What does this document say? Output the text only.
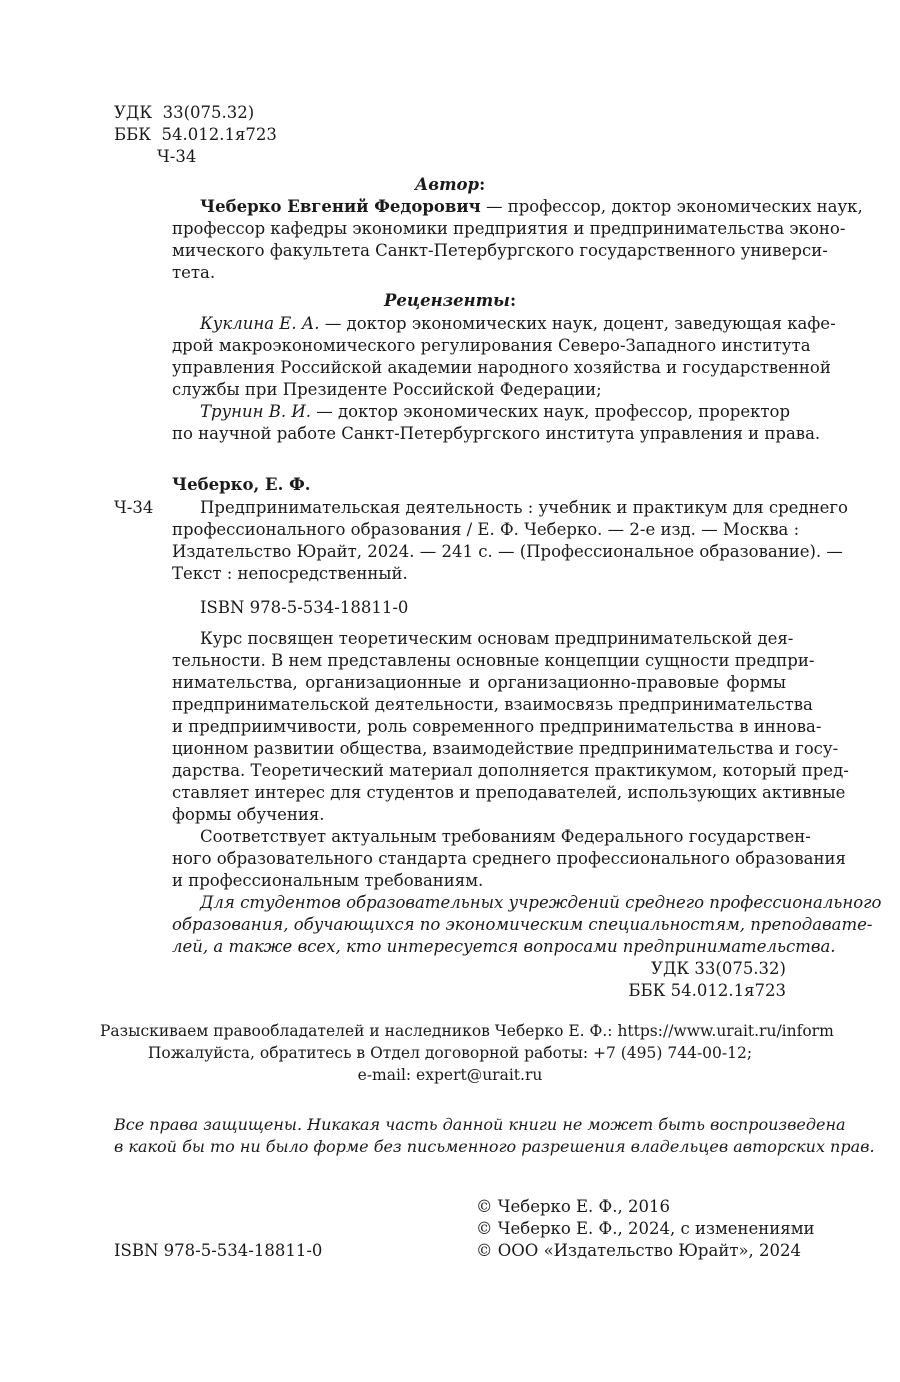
УДК 33(075.32)
ББК 54.012.1я723
Ч-34
Автор:
Чеберко Евгений Федорович — профессор, доктор экономических наук,
профессор кафедры экономики предприятия и предпринимательства эконо-
мического факультета Санкт-Петербургского государственного универси-
тета.
Рецензенты:
Куклина Е. А. — доктор экономических наук, доцент, заведующая кафе-
дрой макроэкономического регулирования Северо-Западного института
управления Российской академии народного хозяйства и государственной
службы при Президенте Российской Федерации;
Трунин В. И. — доктор экономических наук, профессор, проректор
по научной работе Санкт-Петербургского института управления и права.
Чеберко, Е. Ф.
Ч-34	Предпринимательская деятельность : учебник и практикум для среднего
профессионального образования / Е. Ф. Чеберко. — 2-е изд. — Москва :
Издательство Юрайт, 2024. — 241 с. — (Профессиональное образование). —
Текст : непосредственный.
ISBN 978-5-534-18811-0
Курс посвящен теоретическим основам предпринимательской дея-
тельности. В нем представлены основные концепции сущности предпри-
нимательства, организационные и организационно-правовые формы
предпринимательской деятельности, взаимосвязь предпринимательства
и предприимчивости, роль современного предпринимательства в иннова-
ционном развитии общества, взаимодействие предпринимательства и госу-
дарства. Теоретический материал дополняется практикумом, который пред-
ставляет интерес для студентов и преподавателей, использующих активные
формы обучения.
Соответствует актуальным требованиям Федерального государствен-
ного образовательного стандарта среднего профессионального образования
и профессиональным требованиям.
Для студентов образовательных учреждений среднего профессионального
образования, обучающихся по экономическим специальностям, преподавате-
лей, а также всех, кто интересуется вопросами предпринимательства.
УДК 33(075.32)
ББК 54.012.1я723
Разыскиваем правообладателей и наследников Чеберко Е. Ф.: https://www.urait.ru/inform
Пожалуйста, обратитесь в Отдел договорной работы: +7 (495) 744-00-12;
e-mail: expert@urait.ru
Все права защищены. Никакая часть данной книги не может быть воспроизведена
в какой бы то ни было форме без письменного разрешения владельцев авторских прав.
ISBN 978-5-534-18811-0
© Чеберко Е. Ф., 2016
© Чеберко Е. Ф., 2024, с изменениями
© ООО «Издательство Юрайт», 2024
